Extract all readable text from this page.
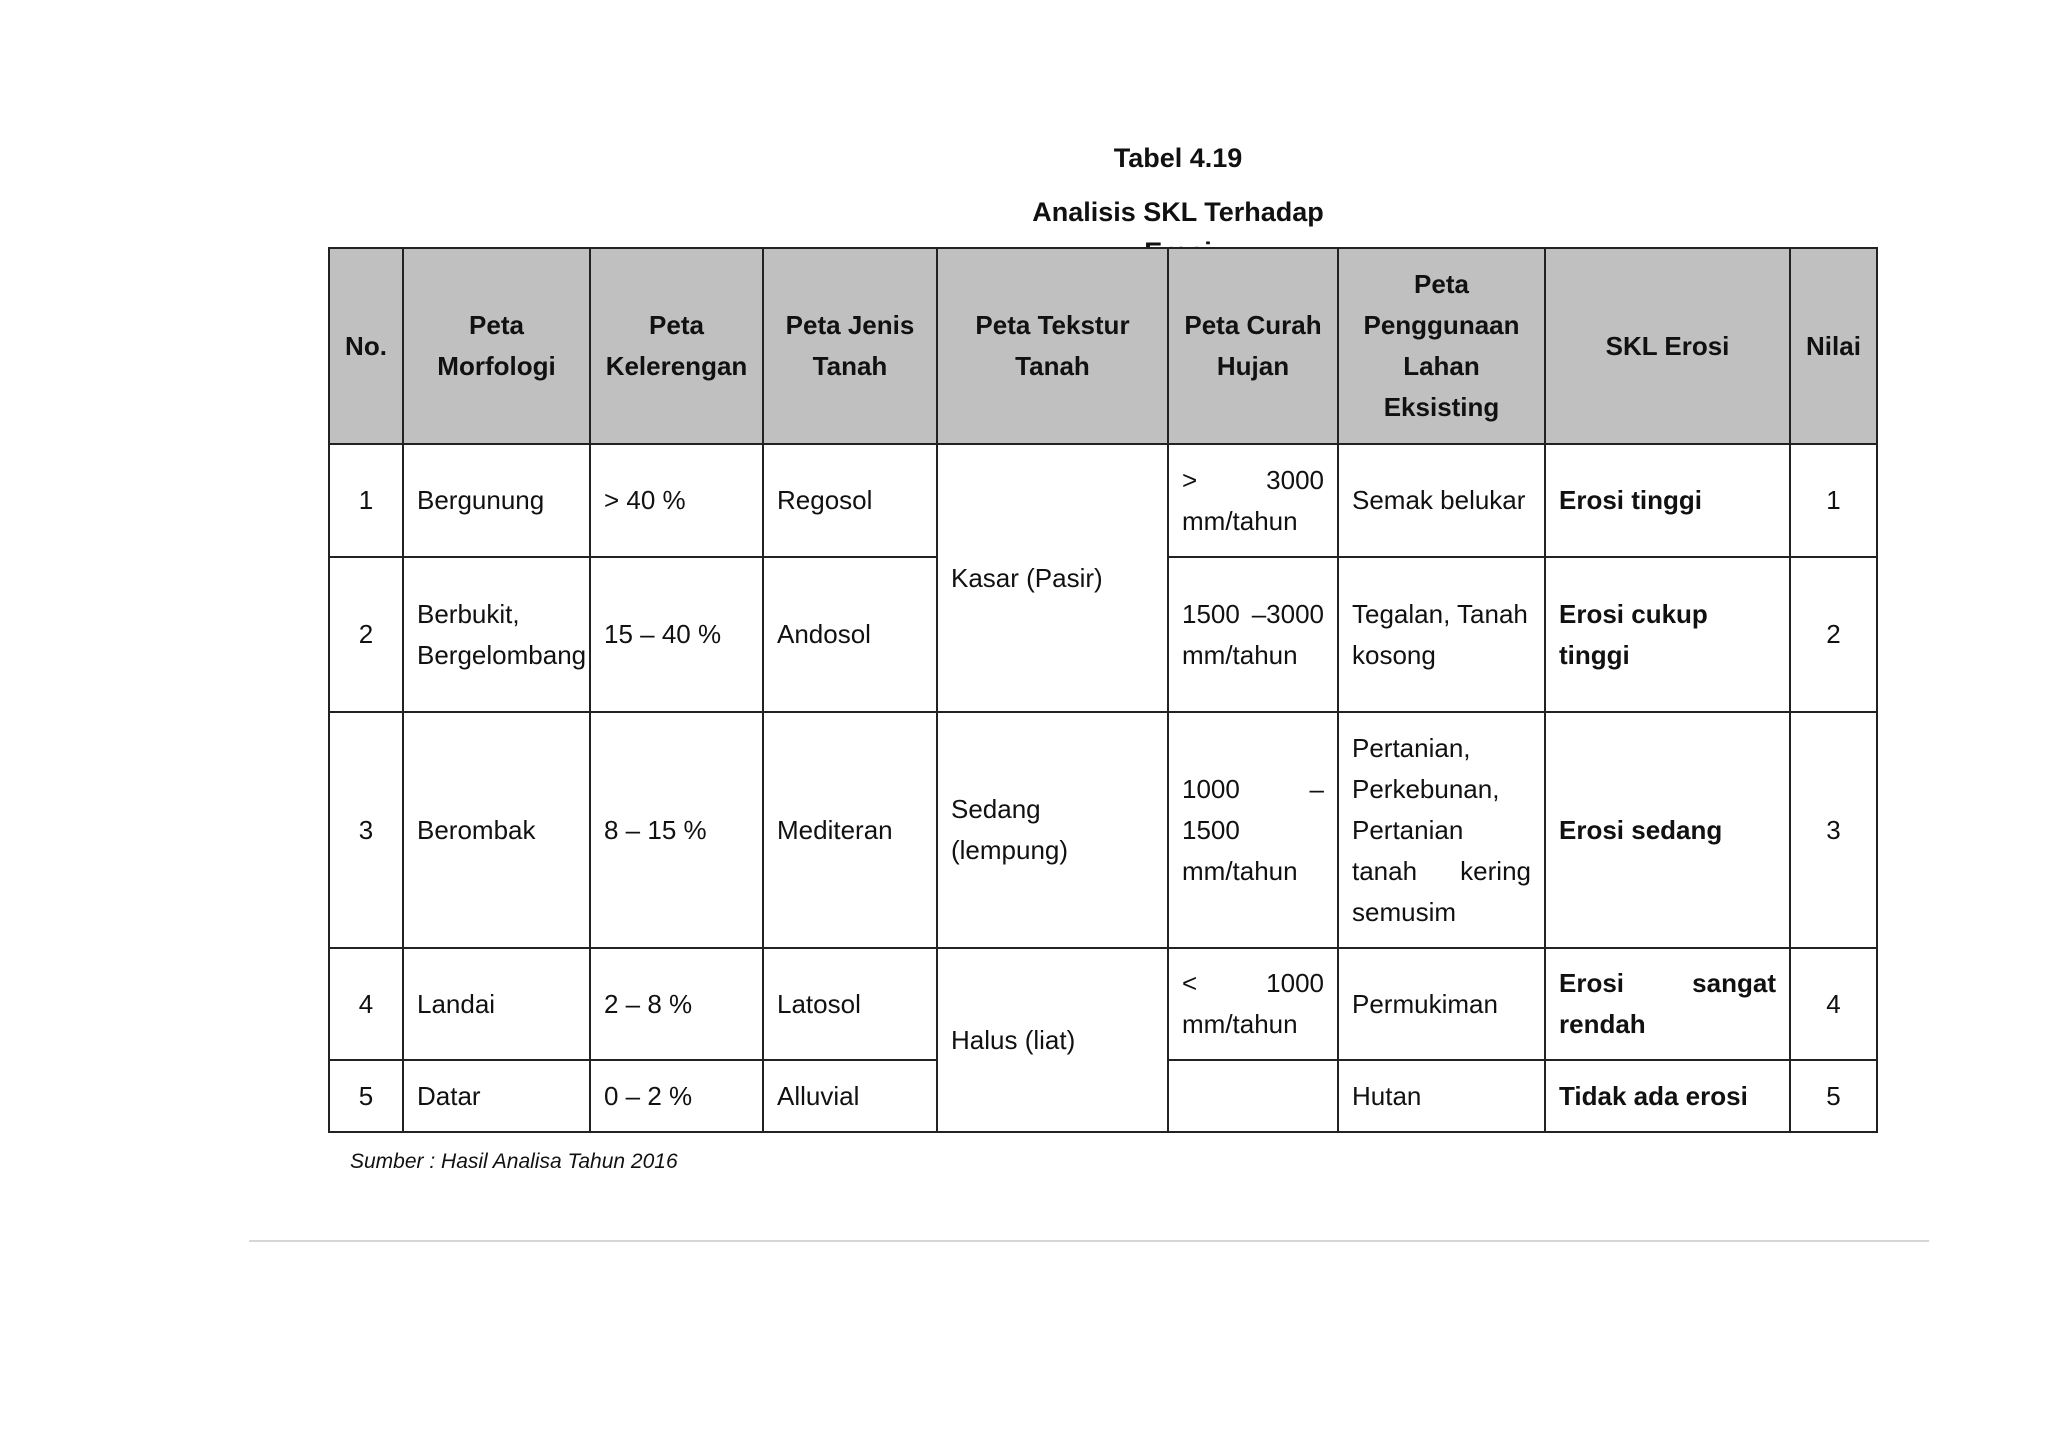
Tabel 4.19
Analisis SKL Terhadap
No.	Peta Morfologi	Peta Kelerengan	Peta Jenis Tanah	Peta Tekstur Tanah	Peta Curah Hujan	Peta Penggunaan Lahan Eksisting	SKL Erosi	Nilai
1	Bergunung	> 40 %	Regosol	Kasar (Pasir)	> 3000 mm/tahun	Semak belukar	Erosi tinggi	1
2	Berbukit, Bergelombang	15 – 40 %	Andosol		1500 –3000 mm/tahun	Tegalan, Tanah kosong	Erosi cukup tinggi	2
3	Berombak	8 – 15 %	Mediteran	Sedang (lempung)	1000 – 1500 mm/tahun	Pertanian, Perkebunan, Pertanian tanah kering semusim	Erosi sedang	3
4	Landai	2 – 8 %	Latosol	Halus (liat)	< 1000 mm/tahun	Permukiman	Erosi sangat rendah	4
5	Datar	0 – 2 %	Alluvial			Hutan	Tidak ada erosi	5
Sumber : Hasil Analisa Tahun 2016
